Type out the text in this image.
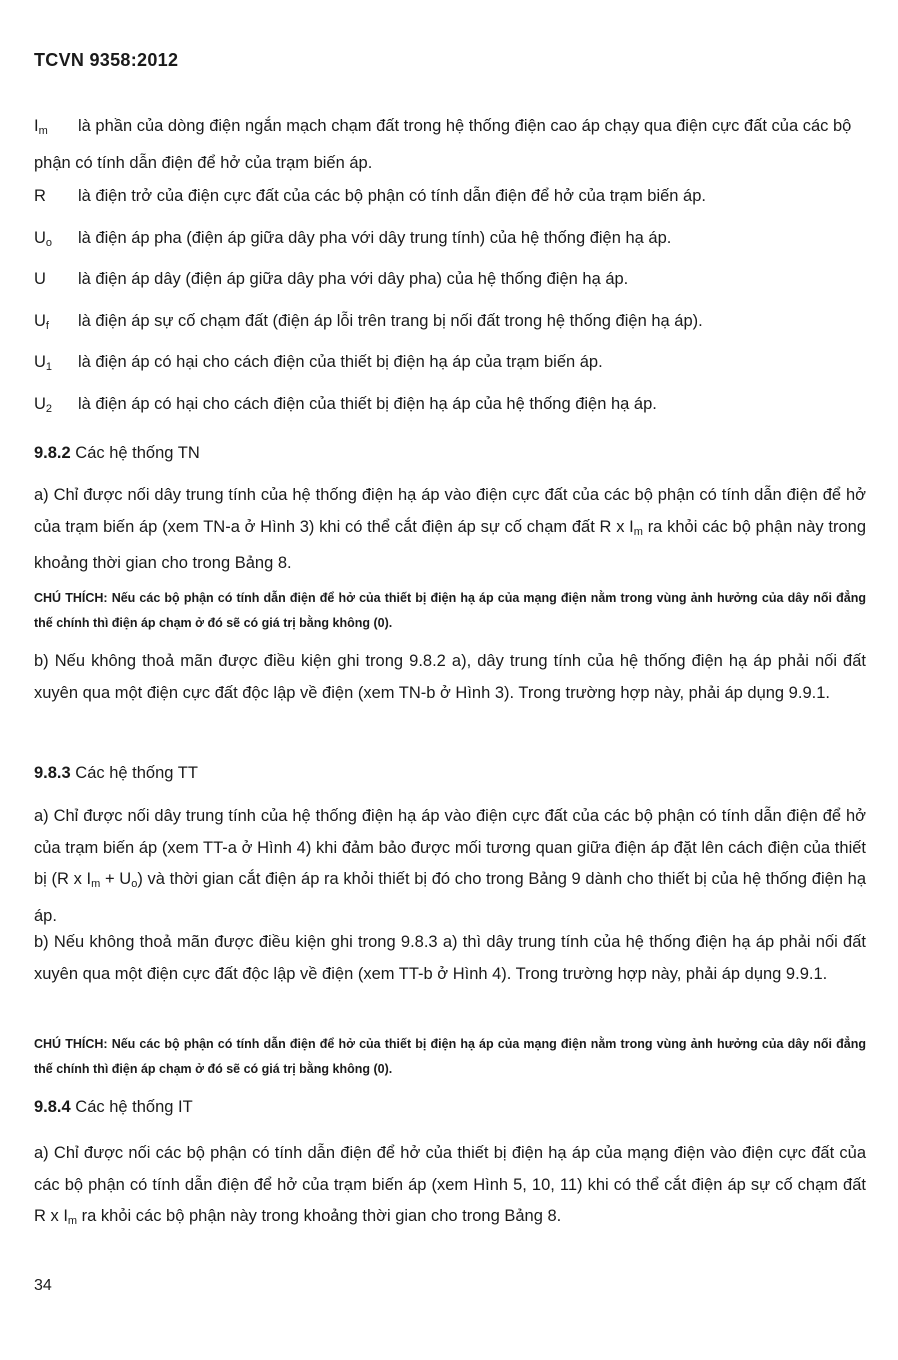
TCVN 9358:2012
$I_m$ là phần của dòng điện ngắn mạch chạm đất trong hệ thống điện cao áp chạy qua điện cực đất của các bộ phận có tính dẫn điện để hở của trạm biến áp.
R là điện trở của điện cực đất của các bộ phận có tính dẫn điện để hở của trạm biến áp.
$U_o$ là điện áp pha (điện áp giữa dây pha với dây trung tính) của hệ thống điện hạ áp.
U là điện áp dây (điện áp giữa dây pha với dây pha) của hệ thống điện hạ áp.
$U_f$ là điện áp sự cố chạm đất (điện áp lỗi trên trang bị nối đất trong hệ thống điện hạ áp).
$U_1$ là điện áp có hại cho cách điện của thiết bị điện hạ áp của trạm biến áp.
$U_2$ là điện áp có hại cho cách điện của thiết bị điện hạ áp của hệ thống điện hạ áp.
9.8.2 Các hệ thống TN
a) Chỉ được nối dây trung tính của hệ thống điện hạ áp vào điện cực đất của các bộ phận có tính dẫn điện để hở của trạm biến áp (xem TN-a ở Hình 3) khi có thể cắt điện áp sự cố chạm đất R x $I_m$ ra khỏi các bộ phận này trong khoảng thời gian cho trong Bảng 8.
CHÚ THÍCH: Nếu các bộ phận có tính dẫn điện để hở của thiết bị điện hạ áp của mạng điện nằm trong vùng ảnh hưởng của dây nối đẳng thế chính thì điện áp chạm ở đó sẽ có giá trị bằng không (0).
b) Nếu không thoả mãn được điều kiện ghi trong 9.8.2 a), dây trung tính của hệ thống điện hạ áp phải nối đất xuyên qua một điện cực đất độc lập về điện (xem TN-b ở Hình 3). Trong trường hợp này, phải áp dụng 9.9.1.
9.8.3 Các hệ thống TT
a) Chỉ được nối dây trung tính của hệ thống điện hạ áp vào điện cực đất của các bộ phận có tính dẫn điện để hở của trạm biến áp (xem TT-a ở Hình 4) khi đảm bảo được mối tương quan giữa điện áp đặt lên cách điện của thiết bị (R x $I_m + U_o$) và thời gian cắt điện áp ra khỏi thiết bị đó cho trong Bảng 9 dành cho thiết bị của hệ thống điện hạ áp.
b) Nếu không thoả mãn được điều kiện ghi trong 9.8.3 a) thì dây trung tính của hệ thống điện hạ áp phải nối đất xuyên qua một điện cực đất độc lập về điện (xem TT-b ở Hình 4). Trong trường hợp này, phải áp dụng 9.9.1.
CHÚ THÍCH: Nếu các bộ phận có tính dẫn điện để hở của thiết bị điện hạ áp của mạng điện nằm trong vùng ảnh hưởng của dây nối đẳng thế chính thì điện áp chạm ở đó sẽ có giá trị bằng không (0).
9.8.4 Các hệ thống IT
a) Chỉ được nối các bộ phận có tính dẫn điện để hở của thiết bị điện hạ áp của mạng điện vào điện cực đất của các bộ phận có tính dẫn điện để hở của trạm biến áp (xem Hình 5, 10, 11) khi có thể cắt điện áp sự cố chạm đất R x $I_m$ ra khỏi các bộ phận này trong khoảng thời gian cho trong Bảng 8.
34
